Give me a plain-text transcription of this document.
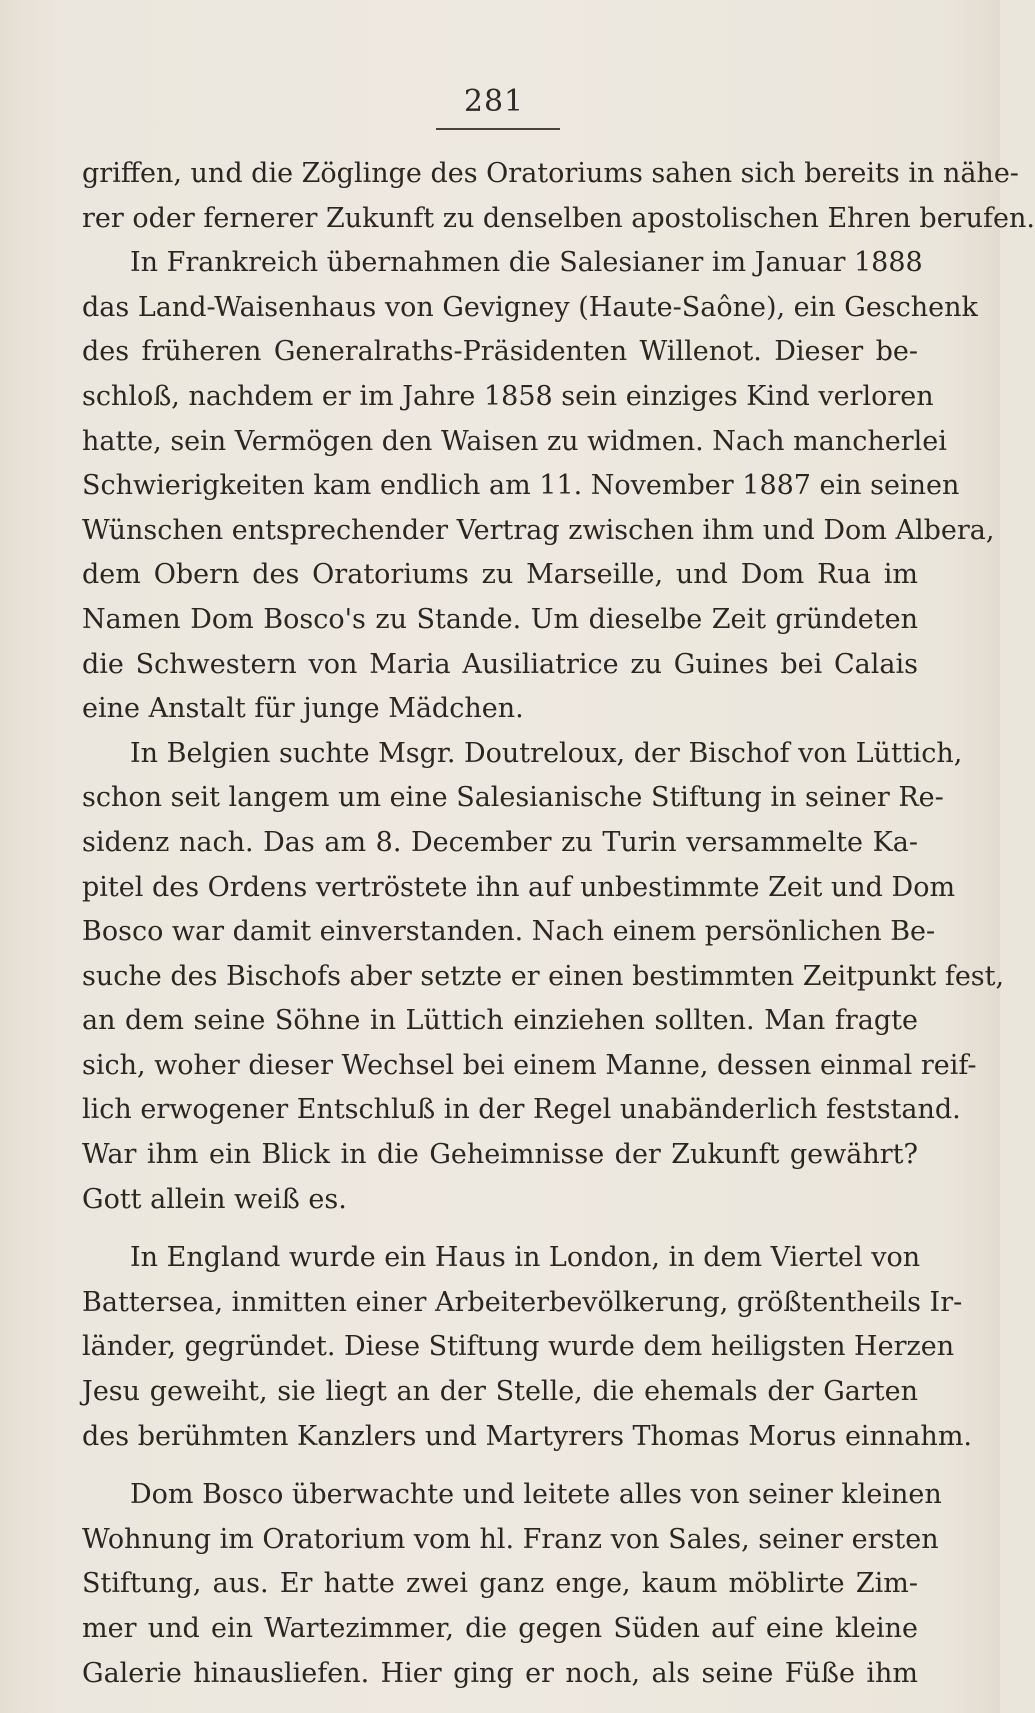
281
griffen, und die Zöglinge des Oratoriums sahen sich bereits in nähe-
rer oder fernerer Zukunft zu denselben apostolischen Ehren berufen.
In Frankreich übernahmen die Salesianer im Januar 1888
das Land-Waisenhaus von Gevigney (Haute-Saône), ein Geschenk
des früheren Generalraths-Präsidenten Willenot. Dieser be-
schloß, nachdem er im Jahre 1858 sein einziges Kind verloren
hatte, sein Vermögen den Waisen zu widmen. Nach mancherlei
Schwierigkeiten kam endlich am 11. November 1887 ein seinen
Wünschen entsprechender Vertrag zwischen ihm und Dom Albera,
dem Obern des Oratoriums zu Marseille, und Dom Rua im
Namen Dom Bosco's zu Stande. Um dieselbe Zeit gründeten
die Schwestern von Maria Ausiliatrice zu Guines bei Calais
eine Anstalt für junge Mädchen.
In Belgien suchte Msgr. Doutreloux, der Bischof von Lüttich,
schon seit langem um eine Salesianische Stiftung in seiner Re-
sidenz nach. Das am 8. December zu Turin versammelte Ka-
pitel des Ordens vertröstete ihn auf unbestimmte Zeit und Dom
Bosco war damit einverstanden. Nach einem persönlichen Be-
suche des Bischofs aber setzte er einen bestimmten Zeitpunkt fest,
an dem seine Söhne in Lüttich einziehen sollten. Man fragte
sich, woher dieser Wechsel bei einem Manne, dessen einmal reif-
lich erwogener Entschluß in der Regel unabänderlich feststand.
War ihm ein Blick in die Geheimnisse der Zukunft gewährt?
Gott allein weiß es.
In England wurde ein Haus in London, in dem Viertel von
Battersea, inmitten einer Arbeiterbevölkerung, größtentheils Ir-
länder, gegründet. Diese Stiftung wurde dem heiligsten Herzen
Jesu geweiht, sie liegt an der Stelle, die ehemals der Garten
des berühmten Kanzlers und Martyrers Thomas Morus einnahm.
Dom Bosco überwachte und leitete alles von seiner kleinen
Wohnung im Oratorium vom hl. Franz von Sales, seiner ersten
Stiftung, aus. Er hatte zwei ganz enge, kaum möblirte Zim-
mer und ein Wartezimmer, die gegen Süden auf eine kleine
Galerie hinausliefen. Hier ging er noch, als seine Füße ihm
